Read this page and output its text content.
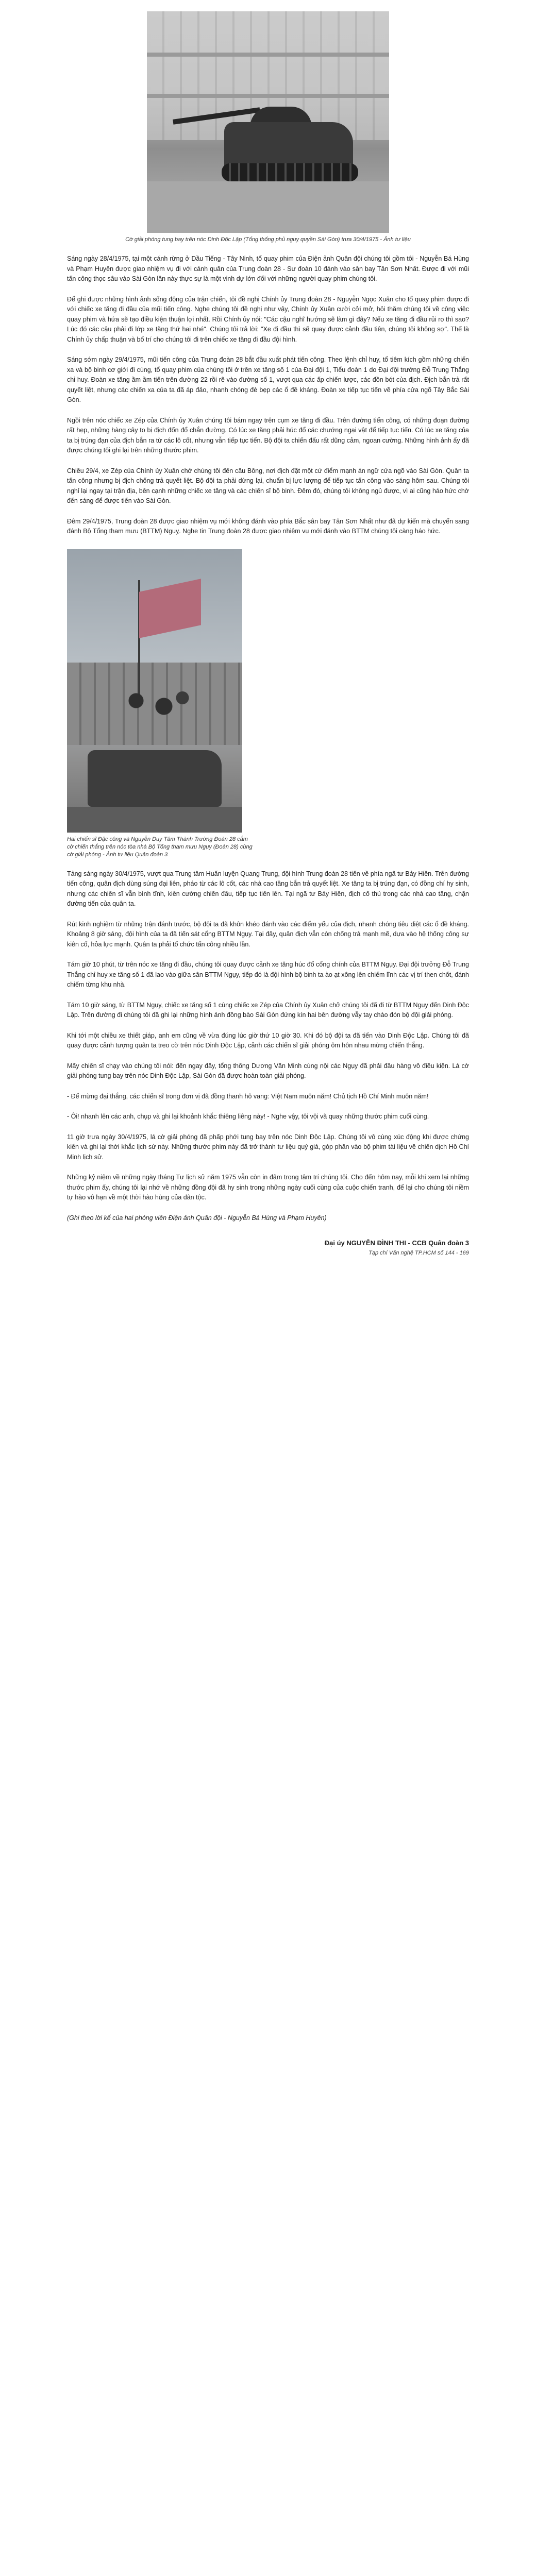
Cờ giải phóng tung bay trên nóc Dinh Độc Lập (Tổng thống phủ nguỵ quyền Sài Gòn) trưa 30/4/1975 - Ảnh tư liệu

Sáng ngày 28/4/1975, tại một cánh rừng ở Dầu Tiếng - Tây Ninh, tổ quay phim của Điện ảnh Quân đội chúng tôi gồm tôi - Nguyễn Bá Hùng và Phạm Huyên được giao nhiệm vụ đi với cánh quân của Trung đoàn 28 - Sư đoàn 10 đánh vào sân bay Tân Sơn Nhất. Được đi với mũi tấn công thọc sâu vào Sài Gòn lần này thực sự là một vinh dự lớn đối với những người quay phim chúng tôi.

Để ghi được những hình ảnh sống động của trận chiến, tôi đề nghị Chính ủy Trung đoàn 28 - Nguyễn Ngọc Xuân cho tổ quay phim được đi với chiếc xe tăng đi đầu của mũi tiến công. Nghe chúng tôi đề nghị như vậy, Chính ủy Xuân cười cởi mở, hỏi thăm chúng tôi về công việc quay phim và hứa sẽ tạo điều kiện thuận lợi nhất. Rồi Chính ủy nói: "Các cậu nghĩ hướng sẽ làm gì đây? Nếu xe tăng đi đầu rủi ro thì sao? Lúc đó các cậu phải đi lớp xe tăng thứ hai nhé". Chúng tôi trả lời: "Xe đi đầu thì sẽ quay được cảnh đầu tiên, chúng tôi không sợ". Thế là Chính ủy chấp thuận và bố trí cho chúng tôi đi trên chiếc xe tăng đi đầu đội hình.

Sáng sớm ngày 29/4/1975, mũi tiến công của Trung đoàn 28 bắt đầu xuất phát tiến công. Theo lệnh chỉ huy, tổ tiêm kích gồm những chiến xa và bộ binh cơ giới đi cùng, tổ quay phim của chúng tôi ở trên xe tăng số 1 của Đại đội 1, Tiểu đoàn 1 do Đại đội trưởng Đỗ Trung Thắng chỉ huy. Đoàn xe tăng ầm ầm tiến trên đường 22 rồi rẽ vào đường số 1, vượt qua các ấp chiến lược, các đồn bót của địch. Địch bắn trả rất quyết liệt, nhưng các chiến xa của ta đã áp đảo, nhanh chóng đè bẹp các ổ đề kháng. Đoàn xe tiếp tục tiến về phía cửa ngõ Tây Bắc Sài Gòn.

Ngồi trên nóc chiếc xe Zép của Chính ủy Xuân chúng tôi bám ngay trên cụm xe tăng đi đầu. Trên đường tiến công, có những đoạn đường rất hẹp, những hàng cây to bị địch đốn đổ chắn đường. Có lúc xe tăng phải húc đổ các chướng ngại vật để tiếp tục tiến. Có lúc xe tăng của ta bị trúng đạn của địch bắn ra từ các lô cốt, nhưng vẫn tiếp tục tiến. Bộ đội ta chiến đấu rất dũng cảm, ngoan cường. Những hình ảnh ấy đã được chúng tôi ghi lại trên những thước phim.

Chiều 29/4, xe Zép của Chính ủy Xuân chở chúng tôi đến cầu Bông, nơi địch đặt một cứ điểm mạnh án ngữ cửa ngõ vào Sài Gòn. Quân ta tấn công nhưng bị địch chống trả quyết liệt. Bộ đội ta phải dừng lại, chuẩn bị lực lượng để tiếp tục tấn công vào sáng hôm sau. Chúng tôi nghỉ lại ngay tại trận địa, bên cạnh những chiếc xe tăng và các chiến sĩ bộ binh. Đêm đó, chúng tôi không ngủ được, vì ai cũng háo hức chờ đến sáng để được tiến vào Sài Gòn.

Đêm 29/4/1975, Trung đoàn 28 được giao nhiệm vụ mới không đánh vào phía Bắc sân bay Tân Sơn Nhất như đã dự kiến mà chuyển sang đánh Bộ Tổng tham mưu (BTTM) Nguỵ. Nghe tin Trung đoàn 28 được giao nhiệm vụ mới đánh vào BTTM chúng tôi càng háo hức.

Hai chiến sĩ Đặc công và Nguyễn Duy Tâm Thành Trường Đoàn 28 cắm cờ chiến thắng trên nóc tòa nhà Bộ Tổng tham mưu Ngụy (Đoàn 28) cùng cờ giải phóng - Ảnh tư liệu Quân đoàn 3

Tảng sáng ngày 30/4/1975, vượt qua Trung tâm Huấn luyện Quang Trung, đội hình Trung đoàn 28 tiến về phía ngã tư Bảy Hiền. Trên đường tiến công, quân địch dùng súng đại liên, pháo từ các lô cốt, các nhà cao tầng bắn trả quyết liệt. Xe tăng ta bị trúng đạn, có đồng chí hy sinh, nhưng các chiến sĩ vẫn bình tĩnh, kiên cường chiến đấu, tiếp tục tiến lên. Tại ngã tư Bảy Hiền, địch cố thủ trong các nhà cao tầng, chặn đường tiến của quân ta.

Rút kinh nghiệm từ những trận đánh trước, bộ đội ta đã khôn khéo đánh vào các điểm yếu của địch, nhanh chóng tiêu diệt các ổ đề kháng. Khoảng 8 giờ sáng, đội hình của ta đã tiến sát cổng BTTM Ngụy. Tại đây, quân địch vẫn còn chống trả mạnh mẽ, dựa vào hệ thống công sự kiên cố, hỏa lực mạnh. Quân ta phải tổ chức tấn công nhiều lần.

Tám giờ 10 phút, từ trên nóc xe tăng đi đầu, chúng tôi quay được cảnh xe tăng húc đổ cổng chính của BTTM Ngụy. Đại đội trưởng Đỗ Trung Thắng chỉ huy xe tăng số 1 đã lao vào giữa sân BTTM Ngụy, tiếp đó là đội hình bộ binh ta ào ạt xông lên chiếm lĩnh các vị trí then chốt, đánh chiếm từng khu nhà.

Tám 10 giờ sáng, từ BTTM Ngụy, chiếc xe tăng số 1 cùng chiếc xe Zép của Chính ủy Xuân chở chúng tôi đã đi từ BTTM Ngụy đến Dinh Độc Lập. Trên đường đi chúng tôi đã ghi lại những hình ảnh đồng bào Sài Gòn đứng kín hai bên đường vẫy tay chào đón bộ đội giải phóng.

Khi tới một chiều xe thiết giáp, anh em cũng về vừa đúng lúc giờ thứ 10 giờ 30. Khi đó bộ đội ta đã tiến vào Dinh Độc Lập. Chúng tôi đã quay được cảnh tượng quân ta treo cờ trên nóc Dinh Độc Lập, cảnh các chiến sĩ giải phóng ôm hôn nhau mừng chiến thắng.

Mấy chiến sĩ chạy vào chúng tôi nói: đến ngay đây, tổng thống Dương Văn Minh cùng nội các Ngụy đã phải đầu hàng vô điều kiện. Lá cờ giải phóng tung bay trên nóc Dinh Độc Lập, Sài Gòn đã được hoàn toàn giải phóng.

- Để mừng đại thắng, các chiến sĩ trong đơn vị đã đồng thanh hô vang: Việt Nam muôn năm! Chủ tịch Hồ Chí Minh muôn năm!

- Ôi! nhanh lên các anh, chụp và ghi lại khoảnh khắc thiêng liêng này! - Nghe vậy, tôi vội vã quay những thước phim cuối cùng.

11 giờ trưa ngày 30/4/1975, lá cờ giải phóng đã phấp phới tung bay trên nóc Dinh Độc Lập. Chúng tôi vô cùng xúc động khi được chứng kiến và ghi lại thời khắc lịch sử này. Những thước phim này đã trở thành tư liệu quý giá, góp phần vào bộ phim tài liệu về chiến dịch Hồ Chí Minh lịch sử.

Những kỷ niệm về những ngày tháng Tư lịch sử năm 1975 vẫn còn in đậm trong tâm trí chúng tôi. Cho đến hôm nay, mỗi khi xem lại những thước phim ấy, chúng tôi lại nhớ về những đồng đội đã hy sinh trong những ngày cuối cùng của cuộc chiến tranh, để lại cho chúng tôi niềm tự hào vô hạn về một thời hào hùng của dân tộc.

(Ghi theo lời kể của hai phóng viên Điện ảnh Quân đội - Nguyễn Bá Hùng và Phạm Huyên)

Đại úy NGUYỄN ĐÌNH THI - CCB Quân đoàn 3
Tạp chí Văn nghệ TP.HCM số 144 - 169
